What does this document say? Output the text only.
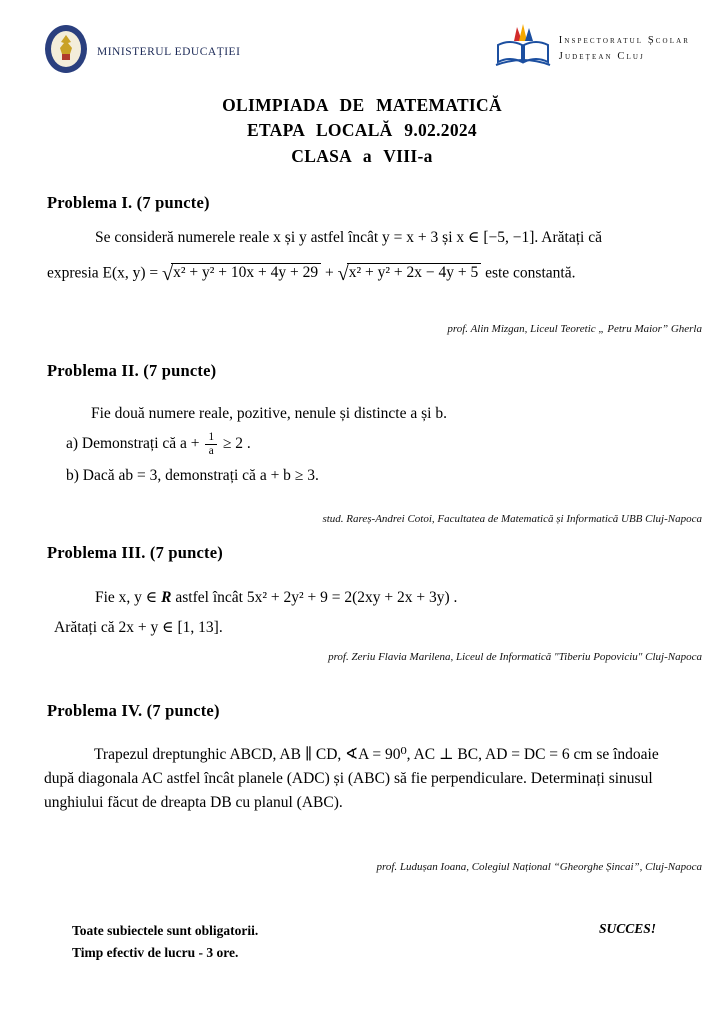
MINISTERUL EDUCAȚIEI
Inspectoratul Școlar
Județean Cluj
OLIMPIADA DE MATEMATICĂ
ETAPA LOCALĂ 9.02.2024
CLASA a VIII-a
Problema I. (7 puncte)
Se consideră numerele reale x și y astfel încât y = x + 3 și x ∈ [−5, −1]. Arătați că
expresia E(x, y) = √x² + y² + 10x + 4y + 29 + √x² + y² + 2x − 4y + 5 este constantă.
prof. Alin Mizgan, Liceul Teoretic „ Petru Maior” Gherla
Problema II. (7 puncte)
Fie două numere reale, pozitive, nenule și distincte a și b.
a) Demonstrați că $a + \frac{1}{a} \ge 2$ .
b) Dacă ab = 3, demonstrați că a + b ≥ 3.
stud. Rareș-Andrei Cotoi, Facultatea de Matematică și Informatică UBB Cluj-Napoca
Problema III. (7 puncte)
Fie x, y ∈ R astfel încât 5x² + 2y² + 9 = 2(2xy + 2x + 3y) .
Arătați că 2x + y ∈ [1, 13].
prof. Zeriu Flavia Marilena, Liceul de Informatică "Tiberiu Popoviciu" Cluj-Napoca
Problema IV. (7 puncte)
Trapezul dreptunghic ABCD, AB ∥ CD, ∢A = 90⁰, AC ⊥ BC, AD = DC = 6 cm se îndoaie după diagonala AC astfel încât planele (ADC) și (ABC) să fie perpendiculare. Determinați sinusul unghiului făcut de dreapta DB cu planul (ABC).
prof. Ludușan Ioana, Colegiul Național “Gheorghe Șincai”, Cluj-Napoca
Toate subiectele sunt obligatorii.
Timp efectiv de lucru - 3 ore.
SUCCES!
